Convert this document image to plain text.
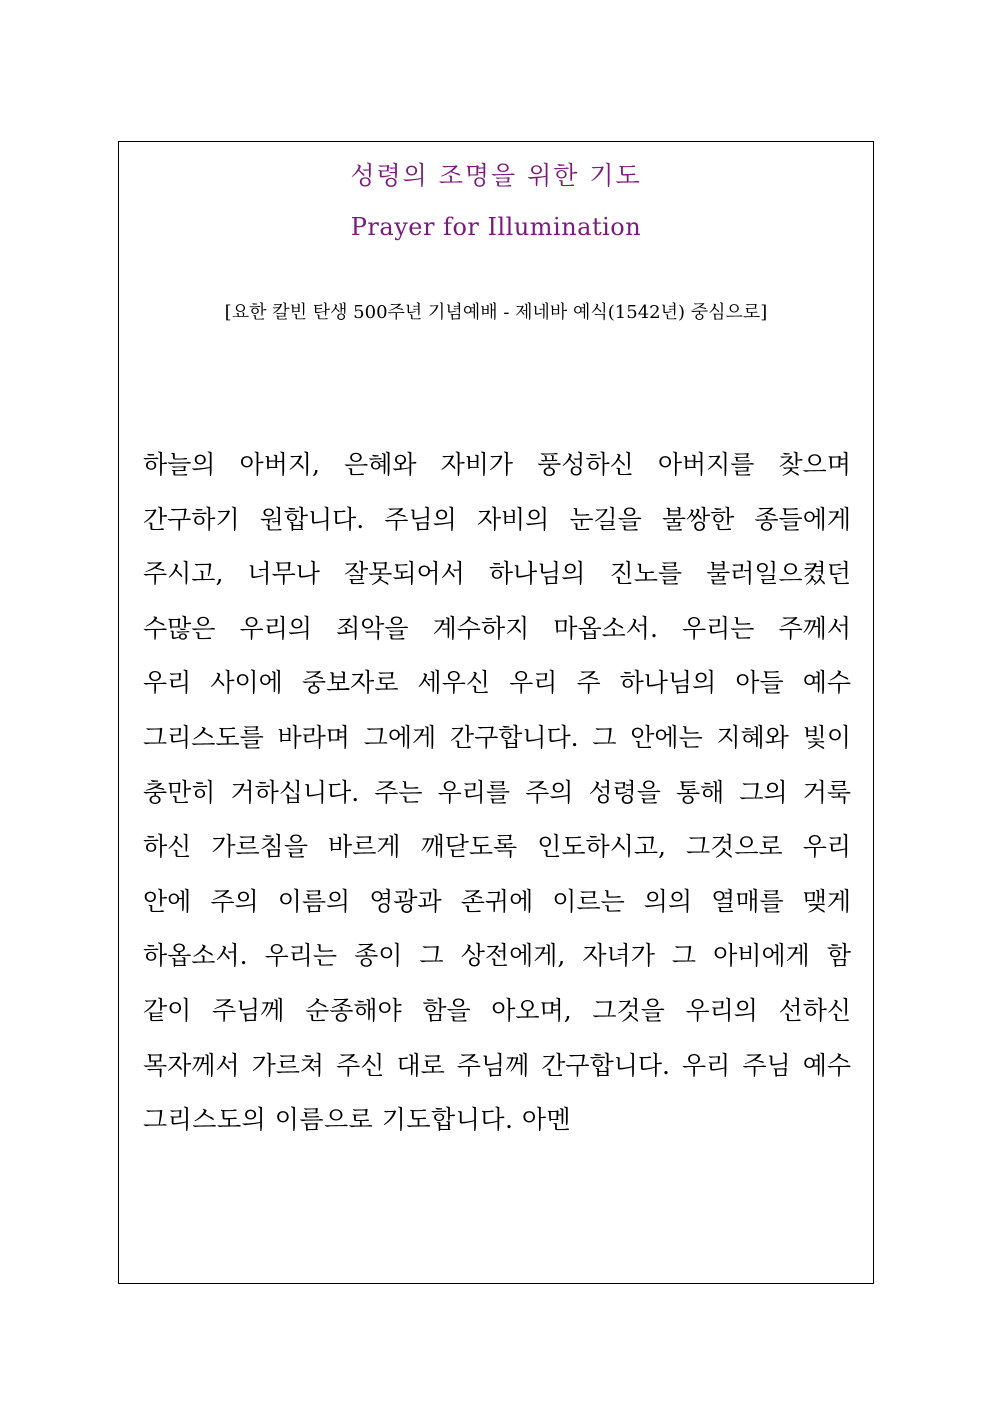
성령의 조명을 위한 기도
Prayer for Illumination
[요한 칼빈 탄생 500주년 기념예배 - 제네바 예식(1542년) 중심으로]
하늘의 아버지, 은혜와 자비가 풍성하신 아버지를 찾으며
간구하기 원합니다. 주님의 자비의 눈길을 불쌍한 종들에게
주시고, 너무나 잘못되어서 하나님의 진노를 불러일으켰던
수많은 우리의 죄악을 계수하지 마옵소서. 우리는 주께서
우리 사이에 중보자로 세우신 우리 주 하나님의 아들 예수
그리스도를 바라며 그에게 간구합니다. 그 안에는 지혜와 빛이
충만히 거하십니다. 주는 우리를 주의 성령을 통해 그의 거룩
하신 가르침을 바르게 깨닫도록 인도하시고, 그것으로 우리
안에 주의 이름의 영광과 존귀에 이르는 의의 열매를 맺게
하옵소서. 우리는 종이 그 상전에게, 자녀가 그 아비에게 함
같이 주님께 순종해야 함을 아오며, 그것을 우리의 선하신
목자께서 가르쳐 주신 대로 주님께 간구합니다. 우리 주님 예수
그리스도의 이름으로 기도합니다. 아멘
